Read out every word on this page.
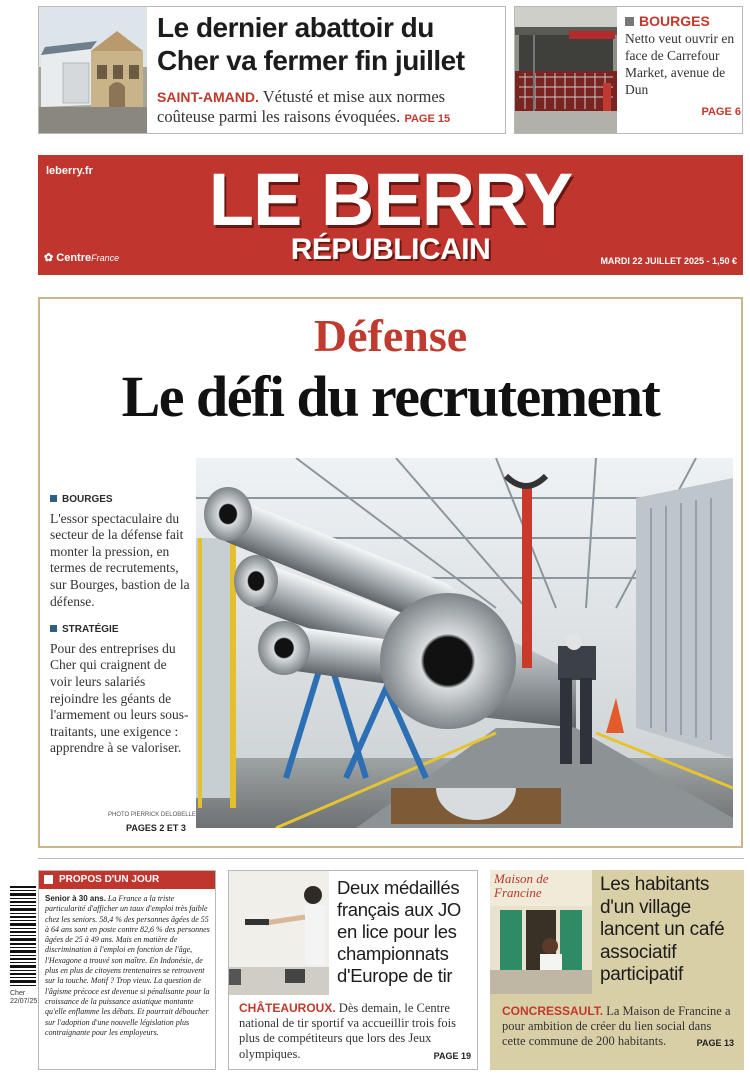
Le dernier abattoir du Cher va fermer fin juillet
SAINT-AMAND. Vétusté et mise aux normes coûteuse parmi les raisons évoquées. PAGE 15
BOURGES
Netto veut ouvrir en face de Carrefour Market, avenue de Dun
PAGE 6
leberry.fr	LE BERRY
RÉPUBLICAIN
✿ CentreFrance	MARDI 22 JUILLET 2025 - 1,50 €
Défense
Le défi du recrutement

BOURGES
L'essor spectaculaire du secteur de la défense fait monter la pression, en termes de recrutements, sur Bourges, bastion de la défense.

STRATÉGIE
Pour des entreprises du Cher qui craignent de voir leurs salariés rejoindre les géants de l'armement ou leurs sous-traitants, une exigence : apprendre à se valoriser.

PHOTO PIERRICK DELOBELLE
PAGES 2 ET 3
Cher
22/07/25
PROPOS D'UN JOUR
Senior à 30 ans. La France a la triste particularité d'afficher un taux d'emploi très faible chez les seniors. 58,4 % des personnes âgées de 55 à 64 ans sont en poste contre 82,6 % des personnes âgées de 25 à 49 ans. Mais en matière de discrimination à l'emploi en fonction de l'âge, l'Hexagone a trouvé son maître. En Indonésie, de plus en plus de citoyens trentenaires se retrouvent sur la touche. Motif ? Trop vieux. La question de l'âgisme précoce est devenue si pénalisante pour la croissance de la puissance asiatique montante qu'elle enflamme les débats. Et pourrait déboucher sur l'adoption d'une nouvelle législation plus contraignante pour les employeurs.
Deux médaillés français aux JO en lice pour les championnats d'Europe de tir
CHÂTEAUROUX. Dès demain, le Centre national de tir sportif va accueillir trois fois plus de compétiteurs que lors des Jeux olympiques.	PAGE 19
Maison de Francine	Les habitants d'un village lancent un café associatif participatif
CONCRESSAULT. La Maison de Francine a pour ambition de créer du lien social dans cette commune de 200 habitants.	PAGE 13
